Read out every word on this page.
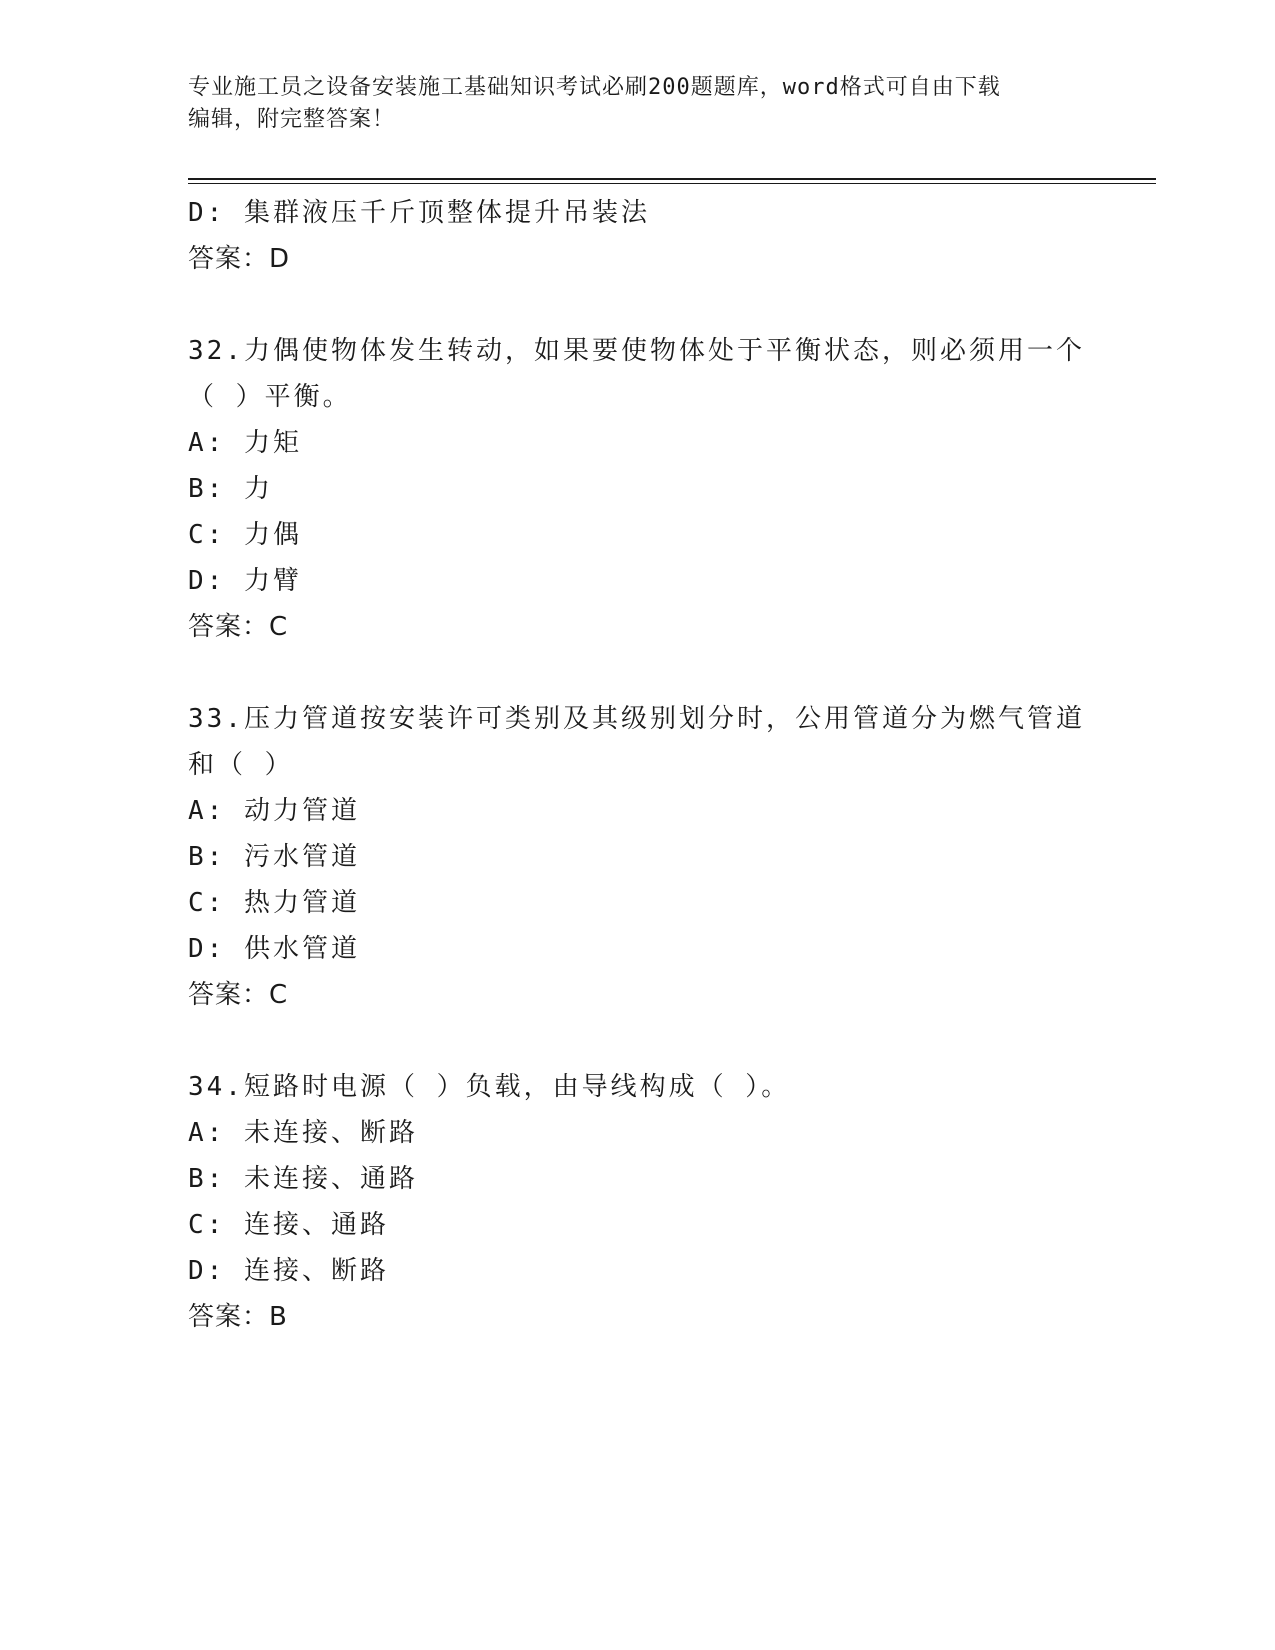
专业施工员之设备安装施工基础知识考试必刷200题题库，word格式可自由下载
编辑，附完整答案！
D: 集群液压千斤顶整体提升吊装法
答案：D
32.力偶使物体发生转动，如果要使物体处于平衡状态，则必须用一个
（ ）平衡。
A: 力矩
B: 力
C: 力偶
D: 力臂
答案：C
33.压力管道按安装许可类别及其级别划分时，公用管道分为燃气管道
和（ ）
A: 动力管道
B: 污水管道
C: 热力管道
D: 供水管道
答案：C
34.短路时电源（ ）负载，由导线构成（ ）。
A: 未连接、断路
B: 未连接、通路
C: 连接、通路
D: 连接、断路
答案：B
